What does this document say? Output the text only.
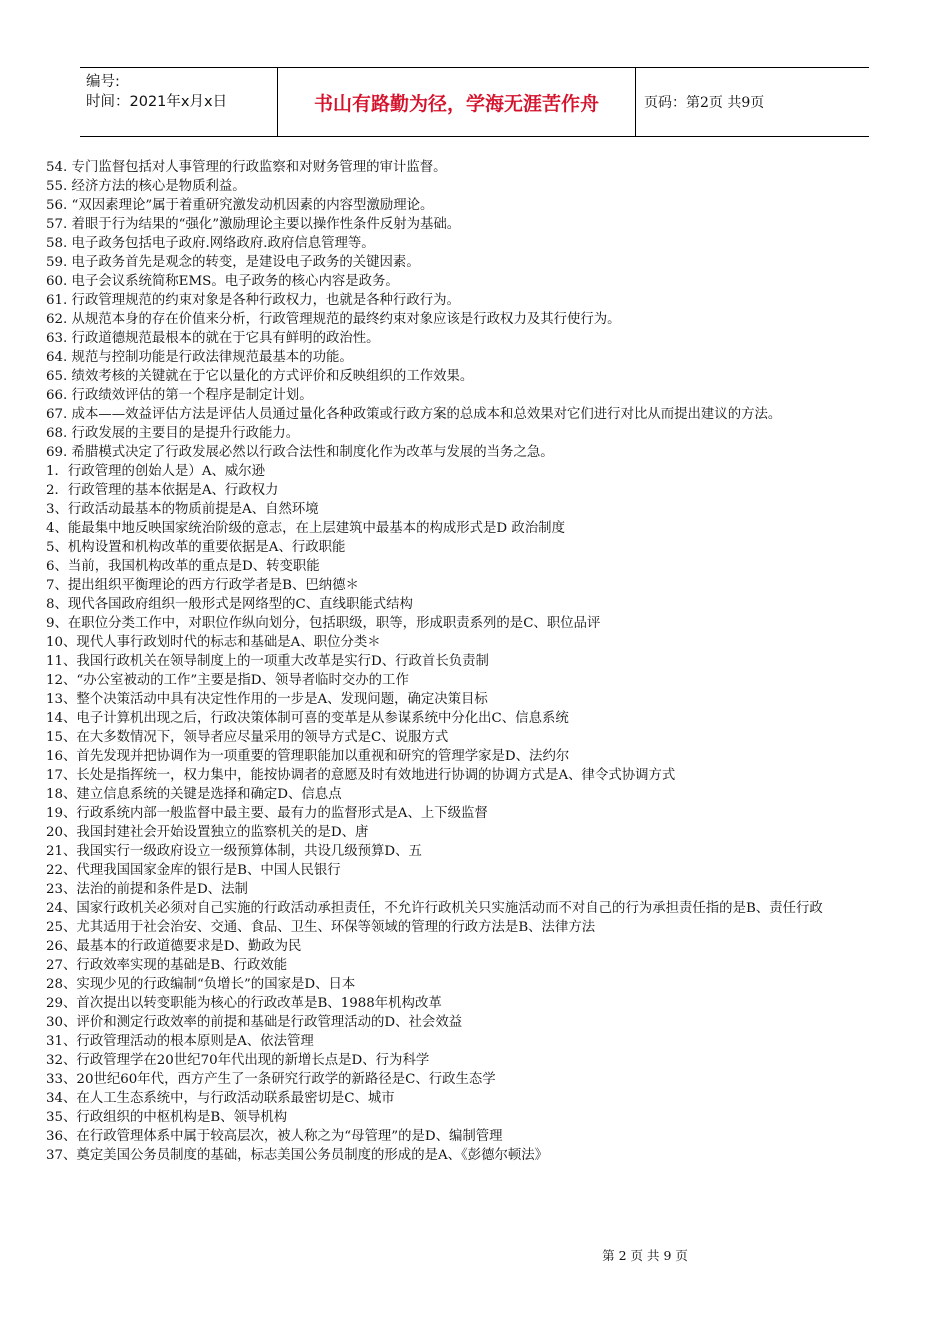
编号:
时间：2021年x月x日	书山有路勤为径，学海无涯苦作舟	页码：第2页 共9页
54. 专门监督包括对人事管理的行政监察和对财务管理的审计监督。
55. 经济方法的核心是物质利益。
56. “双因素理论”属于着重研究激发动机因素的内容型激励理论。
57. 着眼于行为结果的“强化”激励理论主要以操作性条件反射为基础。
58. 电子政务包括电子政府.网络政府.政府信息管理等。
59. 电子政务首先是观念的转变，是建设电子政务的关键因素。
60. 电子会议系统简称EMS。电子政务的核心内容是政务。
61. 行政管理规范的约束对象是各种行政权力，也就是各种行政行为。
62. 从规范本身的存在价值来分析，行政管理规范的最终约束对象应该是行政权力及其行使行为。
63. 行政道德规范最根本的就在于它具有鲜明的政治性。
64. 规范与控制功能是行政法律规范最基本的功能。
65. 绩效考核的关键就在于它以量化的方式评价和反映组织的工作效果。
66. 行政绩效评估的第一个程序是制定计划。
67. 成本——效益评估方法是评估人员通过量化各种政策或行政方案的总成本和总效果对它们进行对比从而提出建议的方法。
68. 行政发展的主要目的是提升行政能力。
69. 希腊模式决定了行政发展必然以行政合法性和制度化作为改革与发展的当务之急。
1．行政管理的创始人是）A、威尔逊
2．行政管理的基本依据是A、行政权力
3、行政活动最基本的物质前提是A、自然环境
4、能最集中地反映国家统治阶级的意志，在上层建筑中最基本的构成形式是D 政治制度
5、机构设置和机构改革的重要依据是A、行政职能
6、当前，我国机构改革的重点是D、转变职能
7、提出组织平衡理论的西方行政学者是B、巴纳德＊
8、现代各国政府组织一般形式是网络型的C、直线职能式结构
9、在职位分类工作中，对职位作纵向划分，包括职级，职等，形成职责系列的是C、职位品评
10、现代人事行政划时代的标志和基础是A、职位分类＊
11、我国行政机关在领导制度上的一项重大改革是实行D、行政首长负责制
12、“办公室被动的工作”主要是指D、领导者临时交办的工作
13、整个决策活动中具有决定性作用的一步是A、发现问题，确定决策目标
14、电子计算机出现之后，行政决策体制可喜的变革是从参谋系统中分化出C、信息系统
15、在大多数情况下，领导者应尽量采用的领导方式是C、说服方式
16、首先发现并把协调作为一项重要的管理职能加以重视和研究的管理学家是D、法约尔
17、长处是指挥统一，权力集中，能按协调者的意愿及时有效地进行协调的协调方式是A、律令式协调方式
18、建立信息系统的关键是选择和确定D、信息点
19、行政系统内部一般监督中最主要、最有力的监督形式是A、上下级监督
20、我国封建社会开始设置独立的监察机关的是D、唐
21、我国实行一级政府设立一级预算体制，共设几级预算D、五
22、代理我国国家金库的银行是B、中国人民银行
23、法治的前提和条件是D、法制
24、国家行政机关必须对自己实施的行政活动承担责任，不允许行政机关只实施活动而不对自己的行为承担责任指的是B、责任行政
25、尤其适用于社会治安、交通、食品、卫生、环保等领域的管理的行政方法是B、法律方法
26、最基本的行政道德要求是D、勤政为民
27、行政效率实现的基础是B、行政效能
28、实现少见的行政编制“负增长”的国家是D、日本
29、首次提出以转变职能为核心的行政改革是B、1988年机构改革
30、评价和测定行政效率的前提和基础是行政管理活动的D、社会效益
31、行政管理活动的根本原则是A、依法管理
32、行政管理学在20世纪70年代出现的新增长点是D、行为科学
33、20世纪60年代，西方产生了一条研究行政学的新路径是C、行政生态学
34、在人工生态系统中，与行政活动联系最密切是C、城市
35、行政组织的中枢机构是B、领导机构
36、在行政管理体系中属于较高层次，被人称之为“母管理”的是D、编制管理
37、奠定美国公务员制度的基础，标志美国公务员制度的形成的是A、《彭德尔顿法》
第 2 页 共 9 页
